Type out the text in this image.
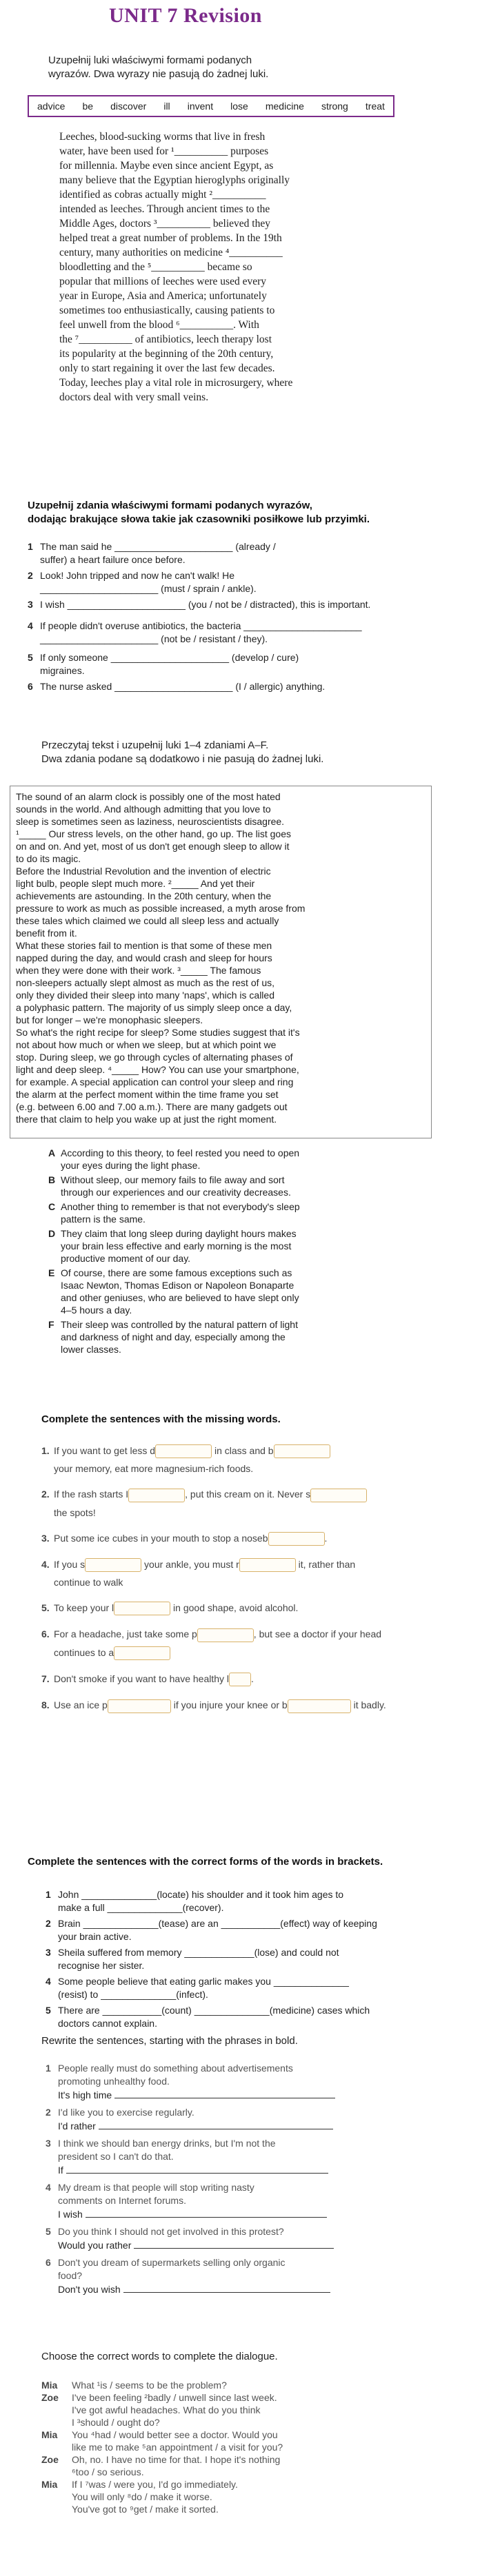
UNIT 7 Revision
Uzupełnij luki właściwymi formami podanych
wyrazów. Dwa wyrazy nie pasują do żadnej luki.
advice be discover ill invent lose medicine strong treat
Leeches, blood-sucking worms that live in fresh
water, have been used for ¹__________ purposes
for millennia. Maybe even since ancient Egypt, as
many believe that the Egyptian hieroglyphs originally
identified as cobras actually might ²__________
intended as leeches. Through ancient times to the
Middle Ages, doctors ³__________ believed they
helped treat a great number of problems. In the 19th
century, many authorities on medicine ⁴__________
bloodletting and the ⁵__________ became so
popular that millions of leeches were used every
year in Europe, Asia and America; unfortunately
sometimes too enthusiastically, causing patients to
feel unwell from the blood ⁶__________. With
the ⁷__________ of antibiotics, leech therapy lost
its popularity at the beginning of the 20th century,
only to start regaining it over the last few decades.
Today, leeches play a vital role in microsurgery, where
doctors deal with very small veins.
Uzupełnij zdania właściwymi formami podanych wyrazów,
dodając brakujące słowa takie jak czasowniki posiłkowe lub przyimki.
1 The man said he ______________________ (already /
suffer) a heart failure once before.
2 Look! John tripped and now he can't walk! He
______________________ (must / sprain / ankle).
3 I wish ______________________ (you / not be / distracted), this is important.
4 If people didn't overuse antibiotics, the bacteria ______________________
______________________ (not be / resistant / they).
5 If only someone ______________________ (develop / cure)
migraines.
6 The nurse asked ______________________ (I / allergic) anything.
Przeczytaj tekst i uzupełnij luki 1–4 zdaniami A–F.
Dwa zdania podane są dodatkowo i nie pasują do żadnej luki.

The sound of an alarm clock is possibly one of the most hated

sounds in the world. And although admitting that you love to

sleep is sometimes seen as laziness, neuroscientists disagree.

¹_____ Our stress levels, on the other hand, go up. The list goes

on and on. And yet, most of us don't get enough sleep to allow it

to do its magic.

Before the Industrial Revolution and the invention of electric

light bulb, people slept much more. ²_____ And yet their

achievements are astounding. In the 20th century, when the

pressure to work as much as possible increased, a myth arose from

these tales which claimed we could all sleep less and actually

benefit from it.

What these stories fail to mention is that some of these men

napped during the day, and would crash and sleep for hours

when they were done with their work. ³_____ The famous

non-sleepers actually slept almost as much as the rest of us,

only they divided their sleep into many 'naps', which is called

a polyphasic pattern. The majority of us simply sleep once a day,

but for longer – we're monophasic sleepers.

So what's the right recipe for sleep? Some studies suggest that it's

not about how much or when we sleep, but at which point we

stop. During sleep, we go through cycles of alternating phases of

light and deep sleep. ⁴_____ How? You can use your smartphone,

for example. A special application can control your sleep and ring

the alarm at the perfect moment within the time frame you set

(e.g. between 6.00 and 7.00 a.m.). There are many gadgets out

there that claim to help you wake up at just the right moment.

A According to this theory, to feel rested you need to open
your eyes during the light phase.
B Without sleep, our memory fails to file away and sort
through our experiences and our creativity decreases.
C Another thing to remember is that not everybody's sleep
pattern is the same.
D They claim that long sleep during daylight hours makes
your brain less effective and early morning is the most
productive moment of our day.
E Of course, there are some famous exceptions such as
Isaac Newton, Thomas Edison or Napoleon Bonaparte
and other geniuses, who are believed to have slept only
4–5 hours a day.
F Their sleep was controlled by the natural pattern of light
and darkness of night and day, especially among the
lower classes.
Complete the sentences with the missing words.
1. If you want to get less d	in class and b
your memory, eat more magnesium-rich foods.
2. If the rash starts I	, put this cream on it. Never s
the spots!
3. Put some ice cubes in your mouth to stop a nosеb	.
4. If you s	your ankle, you must r	it, rather than
continue to walk
5. To keep your l	in good shape, avoid alcohol.
6. For a headache, just take some p	, but see a doctor if your head
continues to a
7. Don't smoke if you want to have healthy l .
8. Use an ice p	if you injure your knee or b	it badly.
Complete the sentences with the correct forms of the words in brackets.
1 John ______________(locate) his shoulder and it took him ages to
make a full ______________(recover).
2 Brain ______________(tease) are an ___________(effect) way of keeping
your brain active.
3 Sheila suffered from memory _____________(lose) and could not
recognise her sister.
4 Some people believe that eating garlic makes you ______________
(resist) to ______________(infect).
5 There are ___________(count) ______________(medicine) cases which
doctors cannot explain.
Rewrite the sentences, starting with the phrases in bold.
1 People really must do something about advertisements
promoting unhealthy food.
It's high time
2 I'd like you to exercise regularly.
I'd rather
3 I think we should ban energy drinks, but I'm not the
president so I can't do that.
If
4 My dream is that people will stop writing nasty
comments on Internet forums.
I wish
5 Do you think I should not get involved in this protest?
Would you rather
6 Don't you dream of supermarkets selling only organic
food?
Don't you wish
Choose the correct words to complete the dialogue.
Mia What ¹is / seems to be the problem?
Zoe I've been feeling ²badly / unwell since last week.
I've got awful headaches. What do you think
I ³should / ought do?
Mia You ⁴had / would better see a doctor. Would you
like me to make ⁵an appointment / a visit for you?
Zoe Oh, no. I have no time for that. I hope it's nothing
⁶too / so serious.
Mia If I ⁷was / were you, I'd go immediately.
You will only ⁸do / make it worse.
You've got to ⁹get / make it sorted.
